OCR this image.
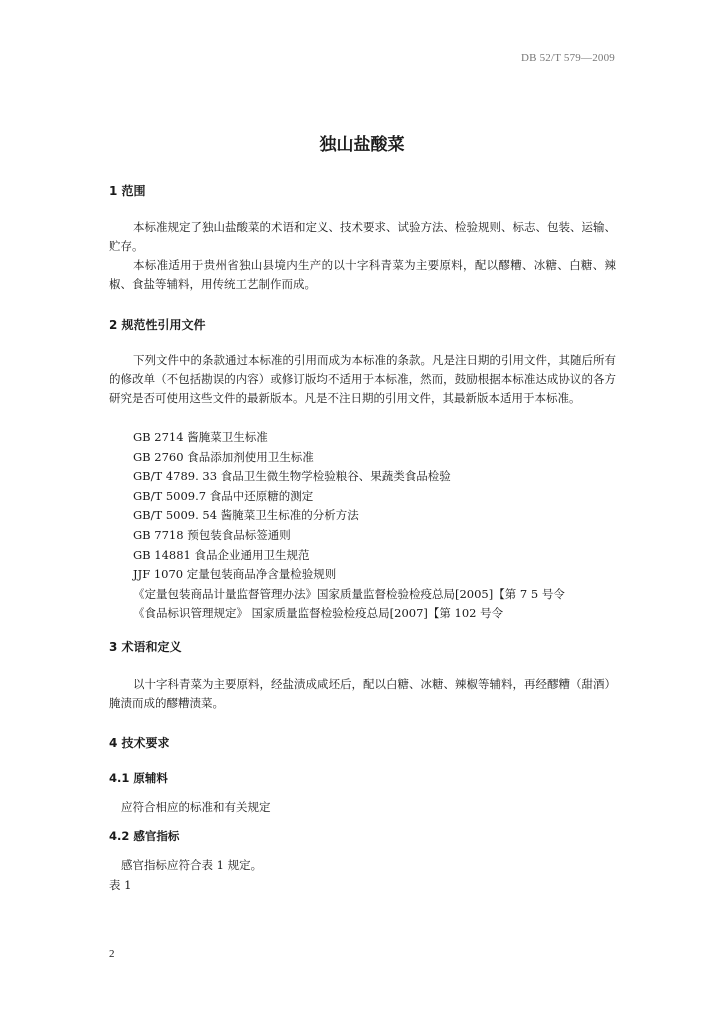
DB 52/T 579—2009
独山盐酸菜
1 范围
本标准规定了独山盐酸菜的术语和定义、技术要求、试验方法、检验规则、标志、包装、运输、贮存。
本标准适用于贵州省独山县境内生产的以十字科青菜为主要原料，配以醪糟、冰糖、白糖、辣椒、食盐等辅料，用传统工艺制作而成。
2 规范性引用文件
下列文件中的条款通过本标准的引用而成为本标准的条款。凡是注日期的引用文件，其随后所有的修改单（不包括勘误的内容）或修订版均不适用于本标准，然而，鼓励根据本标准达成协议的各方研究是否可使用这些文件的最新版本。凡是不注日期的引用文件，其最新版本适用于本标准。
GB 2714 酱腌菜卫生标准
GB 2760 食品添加剂使用卫生标准
GB/T 4789. 33 食品卫生微生物学检验粮谷、果蔬类食品检验
GB/T 5009.7 食品中还原糖的测定
GB/T 5009. 54 酱腌菜卫生标准的分析方法
GB 7718 预包装食品标签通则
GB 14881 食品企业通用卫生规范
JJF 1070 定量包装商品净含量检验规则
《定量包装商品计量监督管理办法》国家质量监督检验检疫总局[2005]【第 7 5 号令
《食品标识管理规定》 国家质量监督检验检疫总局[2007]【第 102 号令
3 术语和定义
以十字科青菜为主要原料，经盐渍成咸坯后，配以白糖、冰糖、辣椒等辅料，再经醪糟（甜酒）腌渍而成的醪糟渍菜。
4 技术要求
4.1 原辅料
应符合相应的标准和有关规定
4.2 感官指标
感官指标应符合表 1 规定。
表 1
2
